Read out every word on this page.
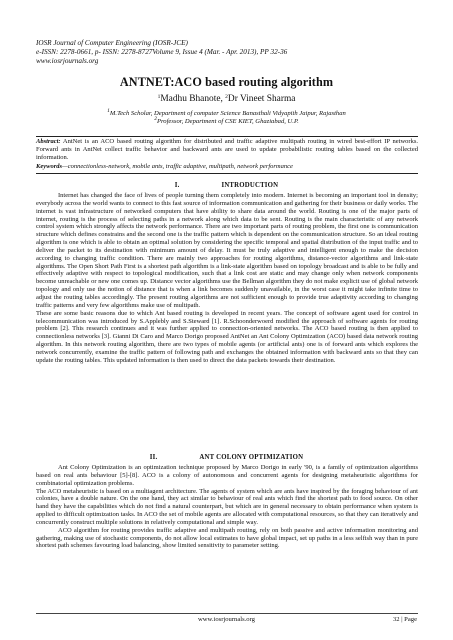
IOSR Journal of Computer Engineering (IOSR-JCE)
e-ISSN: 2278-0661, p- ISSN: 2278-8727Volume 9, Issue 4 (Mar. - Apr. 2013), PP 32-36
www.iosrjournals.org
ANTNET:ACO based routing algorithm
$^1$Madhu Bhanote, $^2$Dr Vineet Sharma
$^1$M.Tech Scholar, Department of computer Science Banasthali Vidyapith Jaipur, Rajasthan
$^2$Professor, Department of CSE KIET, Ghaziabad, U.P.
Abstract: AntNet is an ACO based routing algorithm for distributed and traffic adaptive multipath routing in wired best-effort IP networks. Forward ants in AntNet collect traffic behavior and backward ants are used to update probabilistic routing tables based on the collected information.
Keywords—connectionless-network, mobile ants, traffic adaptive, multipath, network performance
I.	INTRODUCTION

Internet has changed the face of lives of people turning them completely into modern. Internet is becoming an important tool in density; everybody across the world wants to connect to this fast source of information communication and gathering for their business or daily works. The internet is vast infrastructure of networked computers that have ability to share data around the world. Routing is one of the major parts of internet, routing is the process of selecting paths in a network along which data to be sent. Routing is the main characteristic of any network control system which strongly affects the network performance. There are two important parts of routing problem, the first one is communication structure which defines constrains and the second one is the traffic pattern which is dependent on the communication structure. So an ideal routing algorithm is one which is able to obtain an optimal solution by considering the specific temporal and spatial distribution of the input traffic and to deliver the packet to its destination with minimum amount of delay. It must be truly adaptive and intelligent enough to make the decision according to changing traffic condition. There are mainly two approaches for routing algorithms, distance-vector algorithms and link-state algorithms. The Open Short Path First is a shortest path algorithm is a link-state algorithm based on topology broadcast and is able to be fully and effectively adaptive with respect to topological modification, such that a link cost are static and may change only when network components become unreachable or new one comes up. Distance vector algorithms use the Bellman algorithm they do not make explicit use of global network topology and only use the notion of distance that is when a link becomes suddenly unavailable, in the worst case it might take infinite time to adjust the routing tables accordingly. The present routing algorithms are not sufficient enough to provide true adaptivity according to changing traffic patterns and very few algorithms make use of multipath.

These are some basic reasons due to which Ant based routing is developed in recent years. The concept of software agent used for control in telecommunication was introduced by S.Applebly and S.Steward [1]. R.Schoonderwoerd modified the approach of software agents for routing problem [2]. This research continues and it was further applied to connection-oriented networks. The ACO based routing is then applied to connectionless networks [3]. Gianni Di Caro and Marco Dorigo proposed AntNet an Ant Colony Optimization (ACO) based data network routing algorithm. In this network routing algorithm, there are two types of mobile agents (or artificial ants) one is of forward ants which explores the network concurrently, examine the traffic pattern of following path and exchanges the obtained information with backward ants so that they can update the routing tables. This updated information is then used to direct the data packets towards their destination.

II.	ANT COLONY OPTIMIZATION

Ant Colony Optimization is an optimization technique proposed by Marco Dorigo in early '90, is a family of optimization algorithms based on real ants behaviour [5]-[8]. ACO is a colony of autonomous and concurrent agents for designing metaheuristic algorithms for combinatorial optimization problems.

The ACO metaheuristic is based on a multiagent architecture. The agents of system which are ants have inspired by the foraging behaviour of ant colonies, have a double nature. On the one hand, they act similar to behaviour of real ants which find the shortest path to food source. On other hand they have the capabilities which do not find a natural counterpart, but which are in general necessary to obtain performance when system is applied to difficult optimization tasks. In ACO the set of mobile agents are allocated with computational resources, so that they can iteratively and concurrently construct multiple solutions in relatively computational and simple way.

ACO algorithm for routing provides traffic adaptive and multipath routing, rely on both passive and active information monitoring and gathering, making use of stochastic components, do not allow local estimates to have global impact, set up paths in a less selfish way than in pure shortest path schemes favouring load balancing, show limited sensitivity to parameter setting.

www.iosrjournals.org	32 | Page
